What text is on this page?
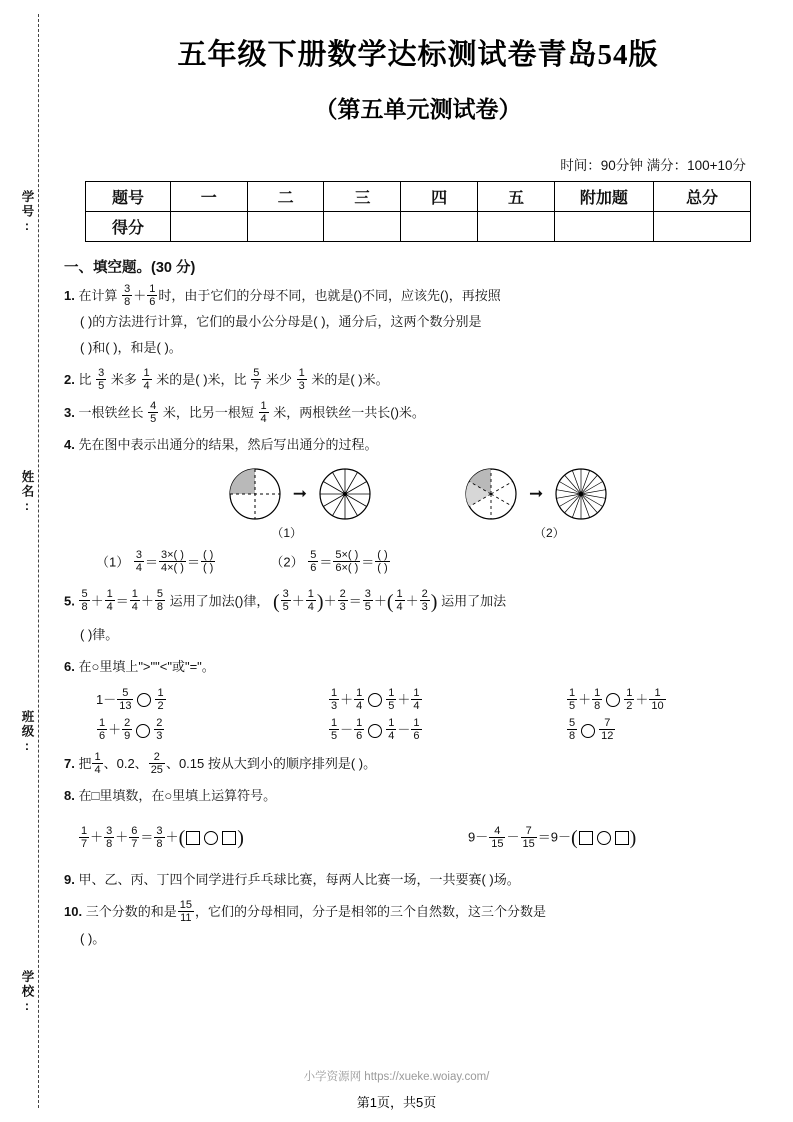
学号:
姓名:
班级:
学校:
五年级下册数学达标测试卷青岛54版
（第五单元测试卷）
时间：90分钟 满分：100+10分
题号	一	二	三	四	五	附加题	总分
得分							
一、填空题。(30 分)
1. 在计算 $\frac{3}{8} + \frac{1}{6}$ 时，由于它们的分母不同，也就是()不同，应该先()，再按照
( )的方法进行计算，它们的最小公分母是( )，通分后，这两个数分别是
( )和( )，和是( )。
2. 比 $\frac{3}{5}$ 米多 $\frac{1}{4}$ 米的是( )米，比 $\frac{5}{7}$ 米少 $\frac{1}{3}$ 米的是( )米。
3. 一根铁丝长 $\frac{4}{5}$ 米，比另一根短 $\frac{1}{4}$ 米，两根铁丝一共长()米。
4. 先在图中表示出通分的结果，然后写出通分的过程。
➞	➞
（1）	（2）
$(1) \frac{3}{4} = \frac{3\times( )}{4\times( )} = \frac{( )}{( )}$	$(2) \frac{5}{6} = \frac{5\times( )}{6\times( )} = \frac{( )}{( )}$
5. $\frac{5}{8} + \frac{1}{4} = \frac{1}{4} + \frac{5}{8}$ 运用了加法()律， ( $\frac{3}{5} + \frac{1}{4}$ )＋ $\frac{2}{3} = \frac{3}{5}$ ＋( $\frac{1}{4} + \frac{2}{3}$ ) 运用了加法
( )律。
6. 在○里填上">""<"或"="。
$1- \frac{5}{13} \frac{1}{2}$	$\frac{1}{3} + \frac{1}{4} \frac{1}{5} + \frac{1}{4}$	$\frac{1}{5} + \frac{1}{8} \frac{1}{2} + \frac{1}{10}$
$\frac{1}{6} + \frac{2}{9} \frac{2}{3}$	$\frac{1}{5} - \frac{1}{6} \frac{1}{4} - \frac{1}{6}$	$\frac{5}{8} \frac{7}{12}$
7. 把 $\frac{1}{4}$ 、0.2、 $\frac{2}{25}$ 、0.15 按从大到小的顺序排列是( )。
8. 在□里填数，在○里填上运算符号。
$\frac{1}{7} + \frac{3}{8} + \frac{6}{7} = \frac{3}{8}$ ＋(	)	$9- \frac{4}{15} - \frac{7}{15} =9-$(	)
9. 甲、乙、丙、丁四个同学进行乒乓球比赛，每两人比赛一场，一共要赛( )场。
10. 三个分数的和是 $\frac{15}{11}$ ，它们的分母相同，分子是相邻的三个自然数，这三个分数是
( )。
小学资源网 https://xueke.woiay.com/
第1页，共5页
